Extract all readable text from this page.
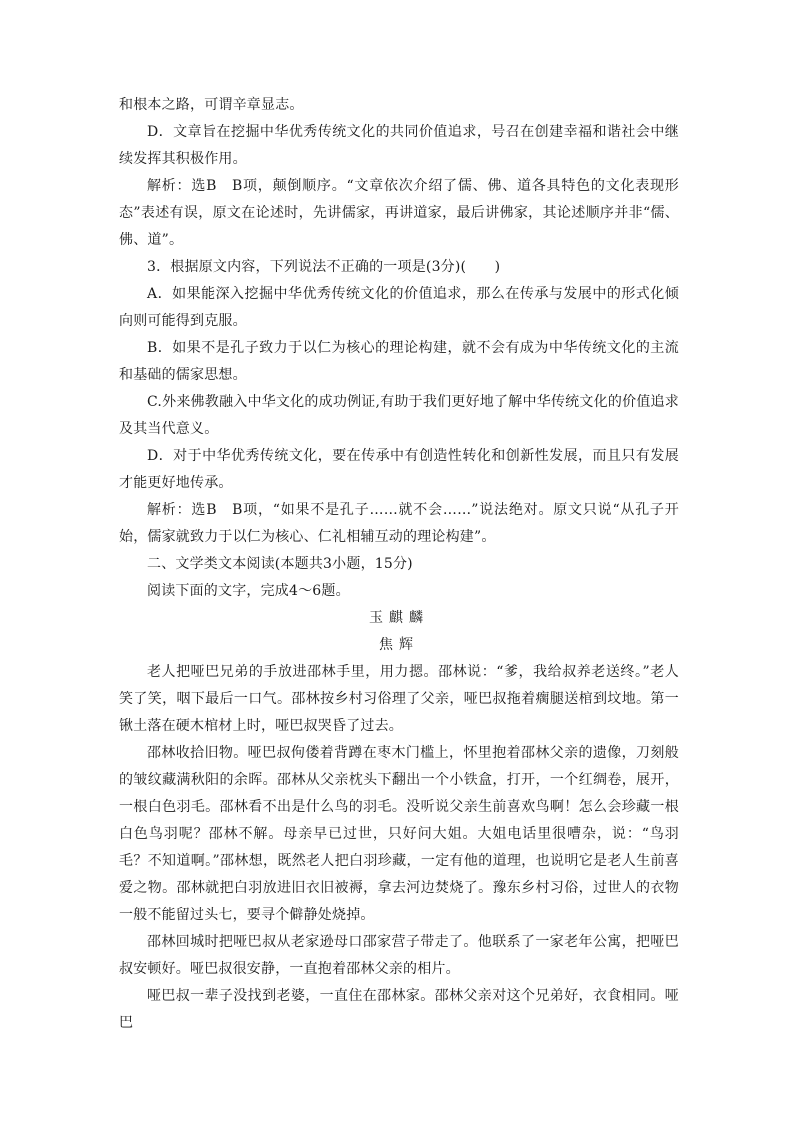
和根本之路，可谓辛章显志。

D．文章旨在挖掘中华优秀传统文化的共同价值追求，号召在创建幸福和谐社会中继续发挥其积极作用。

解析：选B　B项，颠倒顺序。“文章依次介绍了儒、佛、道各具特色的文化表现形态”表述有误，原文在论述时，先讲儒家，再讲道家，最后讲佛家，其论述顺序并非“儒、佛、道”。

3．根据原文内容，下列说法不正确的一项是(3分)(　　)

A．如果能深入挖掘中华优秀传统文化的价值追求，那么在传承与发展中的形式化倾向则可能得到克服。

B．如果不是孔子致力于以仁为核心的理论构建，就不会有成为中华传统文化的主流和基础的儒家思想。

C.外来佛教融入中华文化的成功例证,有助于我们更好地了解中华传统文化的价值追求及其当代意义。

D．对于中华优秀传统文化，要在传承中有创造性转化和创新性发展，而且只有发展才能更好地传承。

解析：选B　B项，“如果不是孔子……就不会……”说法绝对。原文只说“从孔子开始，儒家就致力于以仁为核心、仁礼相辅互动的理论构建”。

二、文学类文本阅读(本题共3小题，15分)

阅读下面的文字，完成4～6题。

玉麒麟

焦辉

老人把哑巴兄弟的手放进邵林手里，用力摁。邵林说：“爹，我给叔养老送终。”老人笑了笑，咽下最后一口气。邵林按乡村习俗理了父亲，哑巴叔拖着瘸腿送棺到坟地。第一锹土落在硬木棺材上时，哑巴叔哭昏了过去。

邵林收拾旧物。哑巴叔佝偻着背蹲在枣木门槛上，怀里抱着邵林父亲的遗像，刀刻般的皱纹藏满秋阳的余晖。邵林从父亲枕头下翻出一个小铁盒，打开，一个红绸卷，展开，一根白色羽毛。邵林看不出是什么鸟的羽毛。没听说父亲生前喜欢鸟啊！怎么会珍藏一根白色鸟羽呢？邵林不解。母亲早已过世，只好问大姐。大姐电话里很嘈杂，说：“鸟羽毛？不知道啊。”邵林想，既然老人把白羽珍藏，一定有他的道理，也说明它是老人生前喜爱之物。邵林就把白羽放进旧衣旧被褥，拿去河边焚烧了。豫东乡村习俗，过世人的衣物一般不能留过头七，要寻个僻静处烧掉。

邵林回城时把哑巴叔从老家逊母口邵家营子带走了。他联系了一家老年公寓，把哑巴叔安顿好。哑巴叔很安静，一直抱着邵林父亲的相片。

哑巴叔一辈子没找到老婆，一直住在邵林家。邵林父亲对这个兄弟好，衣食相同。哑巴
